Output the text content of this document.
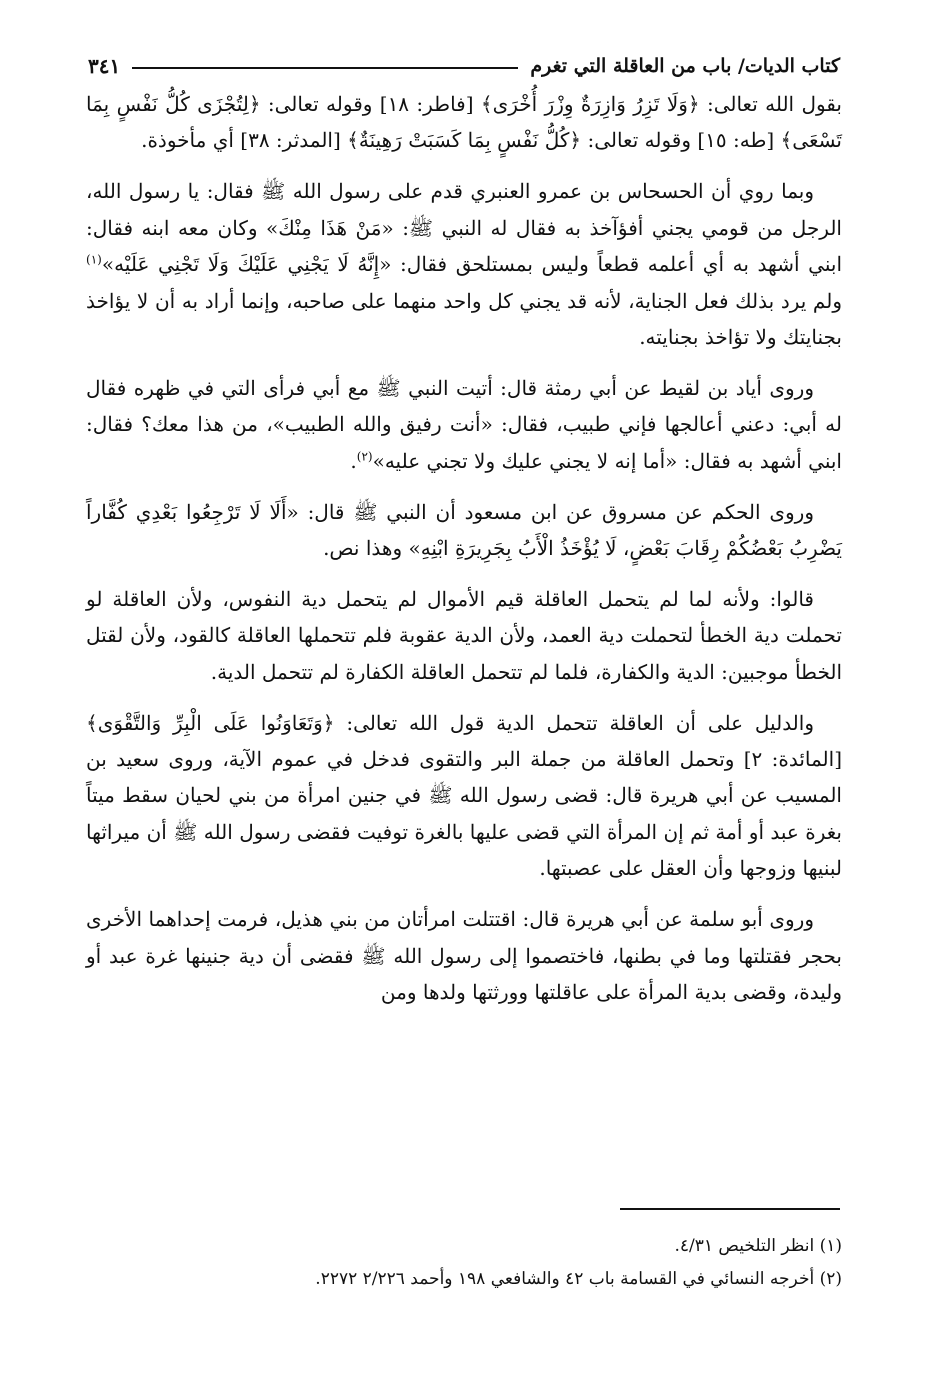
كتاب الديات/ باب من العاقلة التي تغرم
٣٤١

بقول الله تعالى: ﴿وَلَا تَزِرُ وَازِرَةٌ وِزْرَ أُخْرَى﴾ [فاطر: ١٨] وقوله تعالى: ﴿لِتُجْزَى كُلُّ نَفْسٍ بِمَا تَسْعَى﴾ [طه: ١٥] وقوله تعالى: ﴿كُلُّ نَفْسٍ بِمَا كَسَبَتْ رَهِينَةٌ﴾ [المدثر: ٣٨] أي مأخوذة.

وبما روي أن الحسحاس بن عمرو العنبري قدم على رسول الله ﷺ فقال: يا رسول الله، الرجل من قومي يجني أفؤآخذ به فقال له النبي ﷺ: «مَنْ هَذَا مِنْكَ» وكان معه ابنه فقال: ابني أشهد به أي أعلمه قطعاً وليس بمستلحق فقال: «إِنَّهُ لَا يَجْنِي عَلَيْكَ وَلَا تَجْنِي عَلَيْه»$^{(١)}$ ولم يرد بذلك فعل الجناية، لأنه قد يجني كل واحد منهما على صاحبه، وإنما أراد به أن لا يؤاخذ بجنايتك ولا تؤاخذ بجنايته.

وروى أياد بن لقيط عن أبي رمثة قال: أتيت النبي ﷺ مع أبي فرأى التي في ظهره فقال له أبي: دعني أعالجها فإني طبيب، فقال: «أنت رفيق والله الطبيب»، من هذا معك؟ فقال: ابني أشهد به فقال: «أما إنه لا يجني عليك ولا تجني عليه»$^{(٢)}$.

وروى الحكم عن مسروق عن ابن مسعود أن النبي ﷺ قال: «أَلَا لَا تَرْجِعُوا بَعْدِي كُفَّاراً يَضْرِبُ بَعْضُكُمْ رِقَابَ بَعْضٍ، لَا يُؤْخَذُ الْأَبُ بِجَرِيرَةِ ابْنِهِ» وهذا نص.

قالوا: ولأنه لما لم يتحمل العاقلة قيم الأموال لم يتحمل دية النفوس، ولأن العاقلة لو تحملت دية الخطأ لتحملت دية العمد، ولأن الدية عقوبة فلم تتحملها العاقلة كالقود، ولأن لقتل الخطأ موجبين: الدية والكفارة، فلما لم تتحمل العاقلة الكفارة لم تتحمل الدية.

والدليل على أن العاقلة تتحمل الدية قول الله تعالى: ﴿وَتَعَاوَنُوا عَلَى الْبِرِّ وَالتَّقْوَى﴾ [المائدة: ٢] وتحمل العاقلة من جملة البر والتقوى فدخل في عموم الآية، وروى سعيد بن المسيب عن أبي هريرة قال: قضى رسول الله ﷺ في جنين امرأة من بني لحيان سقط ميتاً بغرة عبد أو أمة ثم إن المرأة التي قضى عليها بالغرة توفيت فقضى رسول الله ﷺ أن ميراثها لبنيها وزوجها وأن العقل على عصبتها.

وروى أبو سلمة عن أبي هريرة قال: اقتتلت امرأتان من بني هذيل، فرمت إحداهما الأخرى بحجر فقتلتها وما في بطنها، فاختصموا إلى رسول الله ﷺ فقضى أن دية جنينها غرة عبد أو وليدة، وقضى بدية المرأة على عاقلتها وورثتها ولدها ومن

(١) انظر التلخيص ٤/٣١.

(٢) أخرجه النسائي في القسامة باب ٤٢ والشافعي ١٩٨ وأحمد ٢/٢٢٦ ٢٢٧٢.
